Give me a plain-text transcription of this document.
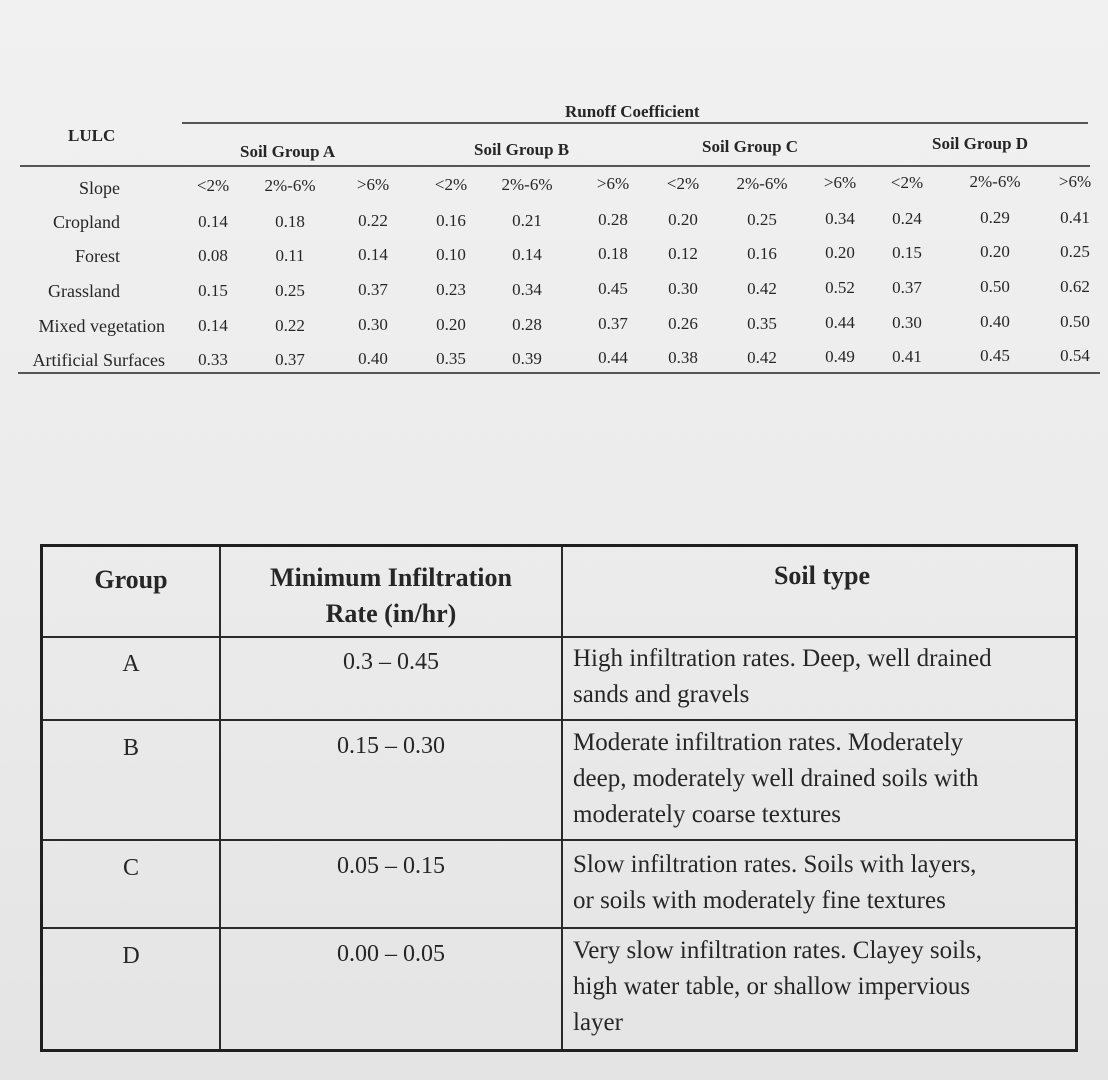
Runoff Coefficient
LULC
Soil Group A	Soil Group B	Soil Group C	Soil Group D
Slope	<2%	2%-6%	>6%	<2%	2%-6%	>6%	<2%	2%-6%	>6%	<2%	2%-6%	>6%
Cropland	0.14	0.18	0.22	0.16	0.21	0.28	0.20	0.25	0.34	0.24	0.29	0.41
Forest	0.08	0.11	0.14	0.10	0.14	0.18	0.12	0.16	0.20	0.15	0.20	0.25
Grassland	0.15	0.25	0.37	0.23	0.34	0.45	0.30	0.42	0.52	0.37	0.50	0.62
Mixed vegetation	0.14	0.22	0.30	0.20	0.28	0.37	0.26	0.35	0.44	0.30	0.40	0.50
Artificial Surfaces	0.33	0.37	0.40	0.35	0.39	0.44	0.38	0.42	0.49	0.41	0.45	0.54
Group	Minimum Infiltration
Rate (in/hr)
Soil type
A	0.3 – 0.45	High infiltration rates. Deep, well drained
sands and gravels
B	0.15 – 0.30	Moderate infiltration rates. Moderately
deep, moderately well drained soils with
moderately coarse textures
C	0.05 – 0.15	Slow infiltration rates. Soils with layers,
or soils with moderately fine textures
D	0.00 – 0.05	Very slow infiltration rates. Clayey soils,
high water table, or shallow impervious
layer
